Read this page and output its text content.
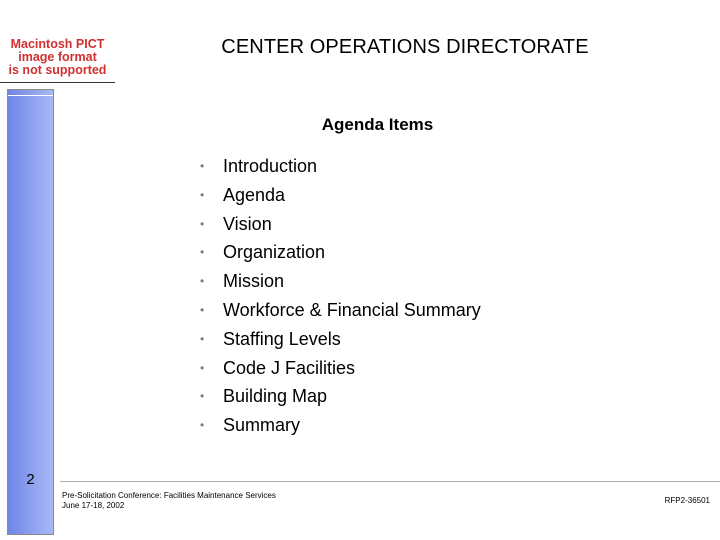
Macintosh PICT
image format
is not supported
CENTER OPERATIONS DIRECTORATE
2
Agenda Items
• Introduction
• Agenda
• Vision
• Organization
• Mission
• Workforce & Financial Summary
• Staffing Levels
• Code J Facilities
• Building Map
• Summary
Pre-Solicitation Conference: Facilities Maintenance Services
June 17-18, 2002
RFP2-36501
